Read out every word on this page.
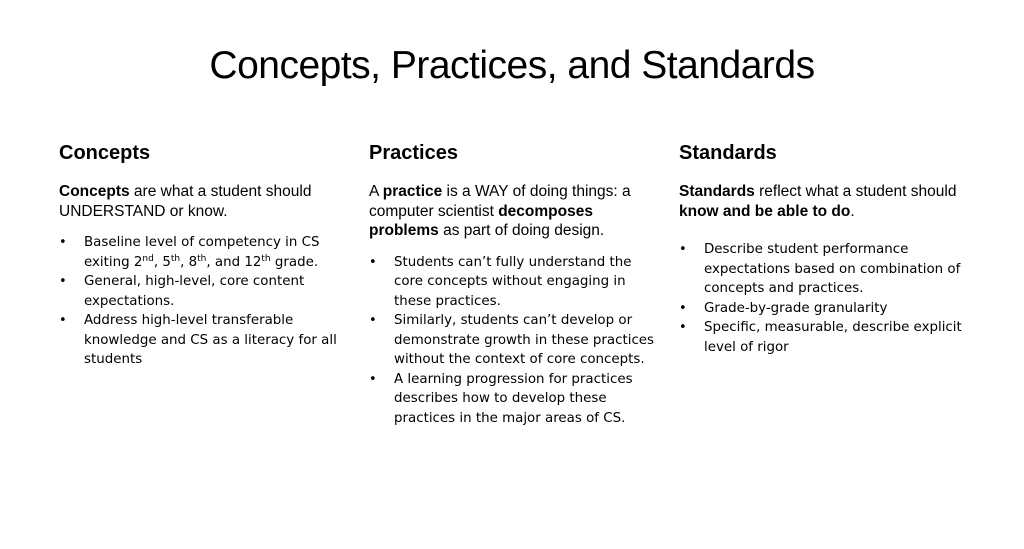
Concepts, Practices, and Standards
Concepts

Concepts are what a student should UNDERSTAND or know.

• Baseline level of competency in CS exiting 2nd, 5th, 8th, and 12th grade.
• General, high-level, core content expectations.
• Address high-level transferable knowledge and CS as a literacy for all students
Practices

A practice is a WAY of doing things: a computer scientist decomposes problems as part of doing design.

• Students can’t fully understand the core concepts without engaging in these practices.
• Similarly, students can’t develop or demonstrate growth in these practices without the context of core concepts.
• A learning progression for practices describes how to develop these practices in the major areas of CS.
Standards

Standards reflect what a student should know and be able to do.

• Describe student performance expectations based on combination of concepts and practices.
• Grade-by-grade granularity
• Specific, measurable, describe explicit level of rigor
